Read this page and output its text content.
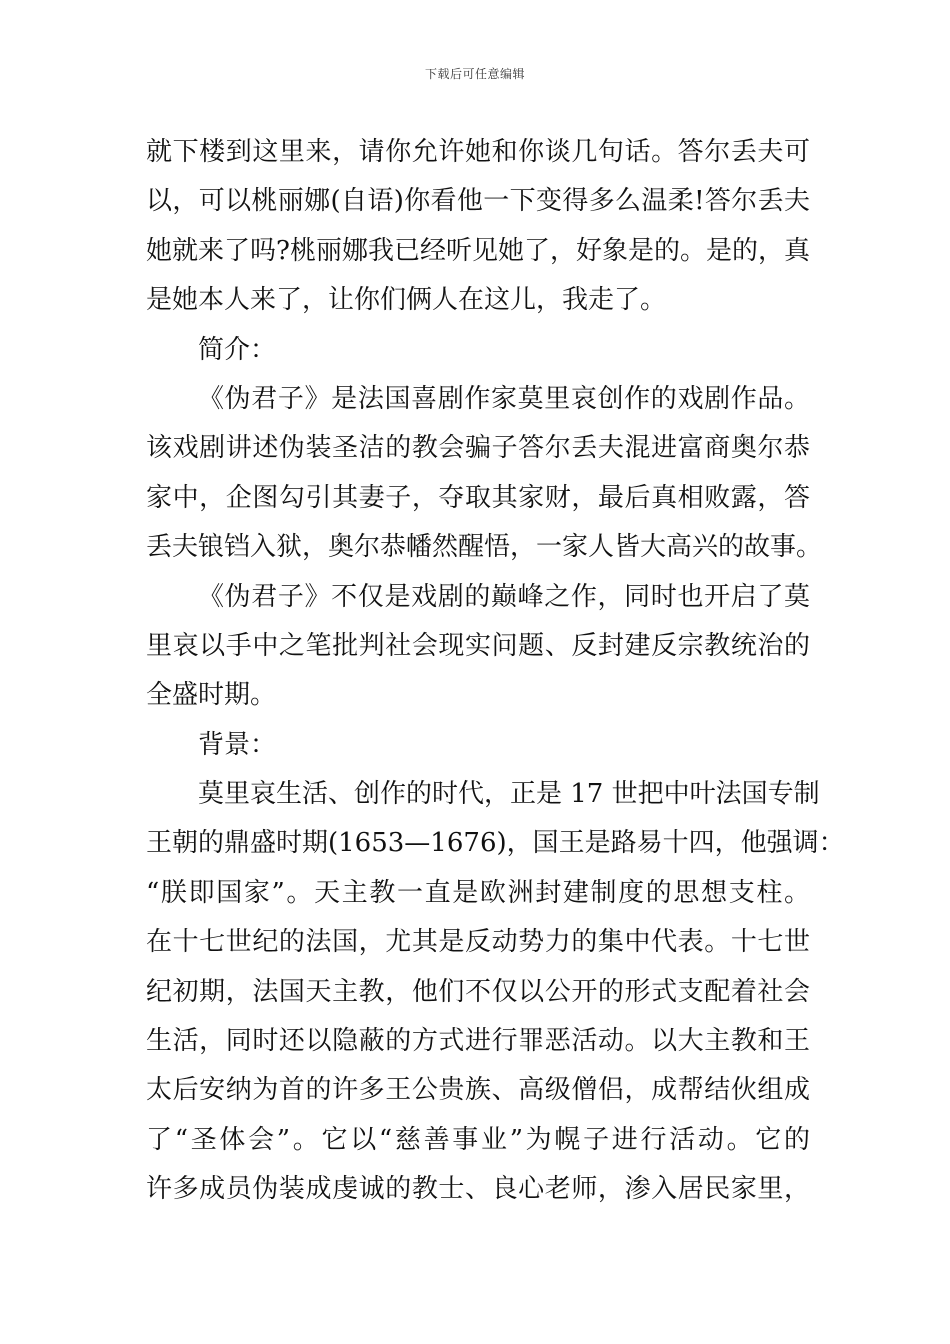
下载后可任意编辑
就下楼到这里来，请你允许她和你谈几句话。答尔丢夫可
以，可以桃丽娜(自语)你看他一下变得多么温柔!答尔丢夫
她就来了吗?桃丽娜我已经听见她了，好象是的。是的，真
是她本人来了，让你们俩人在这儿，我走了。
简介：
《伪君子》是法国喜剧作家莫里哀创作的戏剧作品。
该戏剧讲述伪装圣洁的教会骗子答尔丢夫混进富商奥尔恭
家中，企图勾引其妻子，夺取其家财，最后真相败露，答
丢夫锒铛入狱，奥尔恭幡然醒悟，一家人皆大高兴的故事。
《伪君子》不仅是戏剧的巅峰之作，同时也开启了莫
里哀以手中之笔批判社会现实问题、反封建反宗教统治的
全盛时期。
背景：
莫里哀生活、创作的时代，正是 17 世把中叶法国专制
王朝的鼎盛时期(1653—1676)，国王是路易十四，他强调：
“朕即国家”。天主教一直是欧洲封建制度的思想支柱。
在十七世纪的法国，尤其是反动势力的集中代表。十七世
纪初期，法国天主教，他们不仅以公开的形式支配着社会
生活，同时还以隐蔽的方式进行罪恶活动。以大主教和王
太后安纳为首的许多王公贵族、高级僧侣，成帮结伙组成
了“圣体会”。它以“慈善事业”为幌子进行活动。它的
许多成员伪装成虔诚的教士、良心老师，渗入居民家里，
